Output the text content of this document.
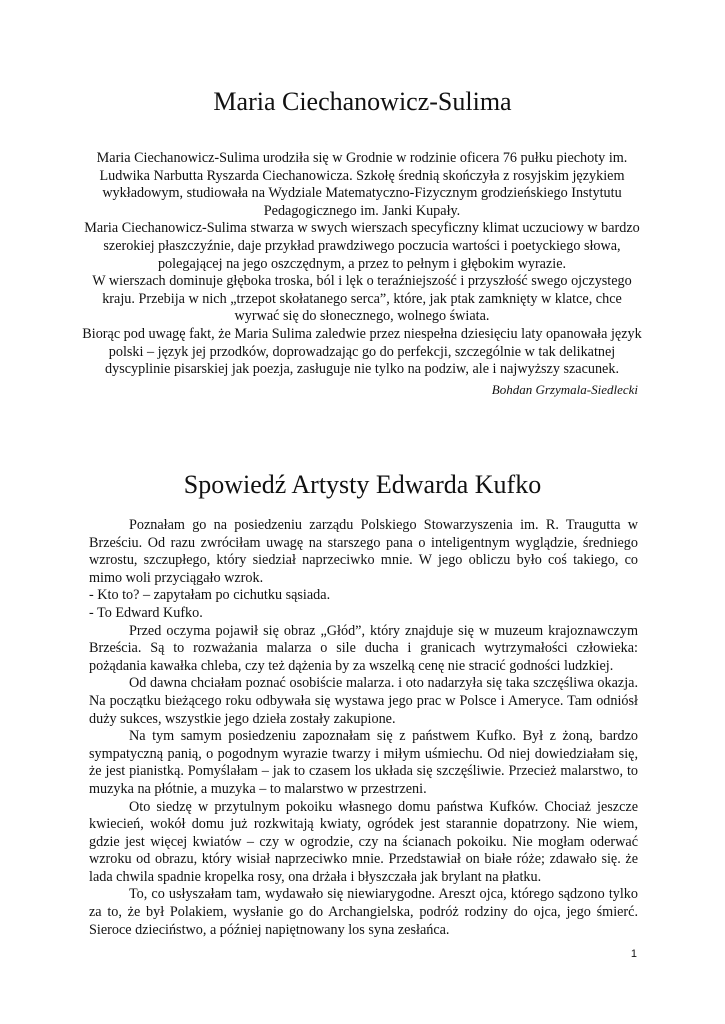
Maria Ciechanowicz-Sulima

Maria Ciechanowicz-Sulima urodziła się w Grodnie w rodzinie oficera 76 pułku piechoty im. Ludwika Narbutta Ryszarda Ciechanowicza. Szkołę średnią skończyła z rosyjskim językiem wykładowym, studiowała na Wydziale Matematyczno-Fizycznym grodzieńskiego Instytutu Pedagogicznego im. Janki Kupały.

Maria Ciechanowicz-Sulima stwarza w swych wierszach specyficzny klimat uczuciowy w bardzo szerokiej płaszczyźnie, daje przykład prawdziwego poczucia wartości i poetyckiego słowa, polegającej na jego oszczędnym, a przez to pełnym i głębokim wyrazie.

W wierszach dominuje głęboka troska, ból i lęk o teraźniejszość i przyszłość swego ojczystego kraju. Przebija w nich „trzepot skołatanego serca”, które, jak ptak zamknięty w klatce, chce wyrwać się do słonecznego, wolnego świata.

Biorąc pod uwagę fakt, że Maria Sulima zaledwie przez niespełna dziesięciu laty opanowała język polski – język jej przodków, doprowadzając go do perfekcji, szczególnie w tak delikatnej dyscyplinie pisarskiej jak poezja, zasługuje nie tylko na podziw, ale i najwyższy szacunek.

Bohdan Grzymala-Siedlecki
Spowiedź Artysty Edwarda Kufko

Poznałam go na posiedzeniu zarządu Polskiego Stowarzyszenia im. R. Traugutta w Brześciu. Od razu zwróciłam uwagę na starszego pana o inteligentnym wyglądzie, średniego wzrostu, szczupłego, który siedział naprzeciwko mnie. W jego obliczu było coś takiego, co mimo woli przyciągało wzrok.

- Kto to? – zapytałam po cichutku sąsiada.

- To Edward Kufko.

Przed oczyma pojawił się obraz „Głód”, który znajduje się w muzeum krajoznawczym Brześcia. Są to rozważania malarza o sile ducha i granicach wytrzymałości człowieka: pożądania kawałka chleba, czy też dążenia by za wszelką cenę nie stracić godności ludzkiej.

Od dawna chciałam poznać osobiście malarza. i oto nadarzyła się taka szczęśliwa okazja. Na początku bieżącego roku odbywała się wystawa jego prac w Polsce i Ameryce. Tam odniósł duży sukces, wszystkie jego dzieła zostały zakupione.

Na tym samym posiedzeniu zapoznałam się z państwem Kufko. Był z żoną, bardzo sympatyczną panią, o pogodnym wyrazie twarzy i miłym uśmiechu. Od niej dowiedziałam się, że jest pianistką. Pomyślałam – jak to czasem los układa się szczęśliwie. Przecież malarstwo, to muzyka na płótnie, a muzyka – to malarstwo w przestrzeni.

Oto siedzę w przytulnym pokoiku własnego domu państwa Kufków. Chociaż jeszcze kwiecień, wokół domu już rozkwitają kwiaty, ogródek jest starannie dopatrzony. Nie wiem, gdzie jest więcej kwiatów – czy w ogrodzie, czy na ścianach pokoiku. Nie mogłam oderwać wzroku od obrazu, który wisiał naprzeciwko mnie. Przedstawiał on białe róże; zdawało się. że lada chwila spadnie kropelka rosy, ona drżała i błyszczała jak brylant na płatku.

To, co usłyszałam tam, wydawało się niewiarygodne. Areszt ojca, którego sądzono tylko za to, że był Polakiem, wysłanie go do Archangielska, podróż rodziny do ojca, jego śmierć. Sieroce dzieciństwo, a później napiętnowany los syna zesłańca.

1
